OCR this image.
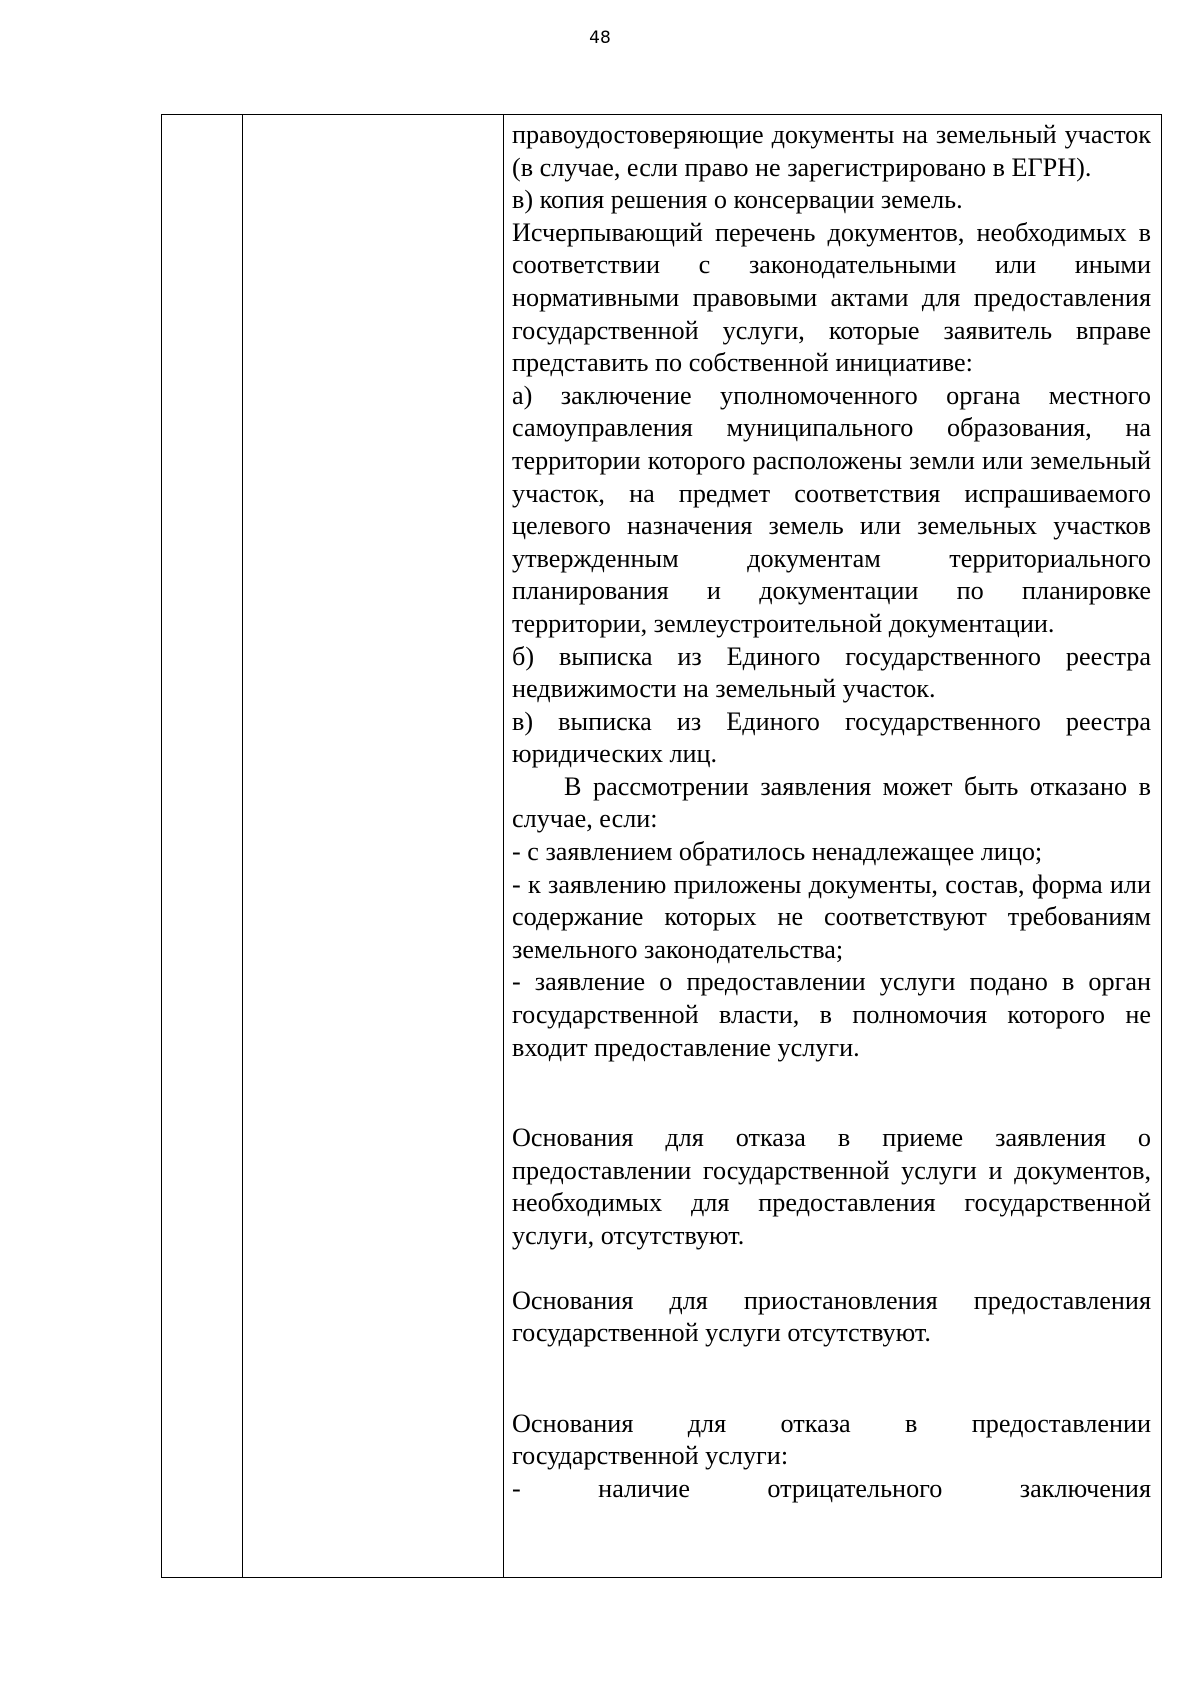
48

правоудостоверяющие документы на земельный участок (в случае, если право не зарегистрировано в ЕГРН).

в) копия решения о консервации земель.

Исчерпывающий перечень документов, необходимых в соответствии с законодательными или иными нормативными правовыми актами для предоставления государственной услуги, которые заявитель вправе представить по собственной инициативе:

а) заключение уполномоченного органа местного самоуправления муниципального образования, на территории которого расположены земли или земельный участок, на предмет соответствия испрашиваемого целевого назначения земель или земельных участков утвержденным документам территориального планирования и документации по планировке территории, землеустроительной документации.

б) выписка из Единого государственного реестра недвижимости на земельный участок.

в) выписка из Единого государственного реестра юридических лиц.

В рассмотрении заявления может быть отказано в случае, если:

- с заявлением обратилось ненадлежащее лицо;

- к заявлению приложены документы, состав, форма или содержание которых не соответствуют требованиям земельного законодательства;

- заявление о предоставлении услуги подано в орган государственной власти, в полномочия которого не входит предоставление услуги.

Основания для отказа в приеме заявления о предоставлении государственной услуги и документов, необходимых для предоставления государственной услуги, отсутствуют.

Основания для приостановления предоставления государственной услуги отсутствуют.

Основания для отказа в предоставлении государственной услуги:

- наличие отрицательного заключения
